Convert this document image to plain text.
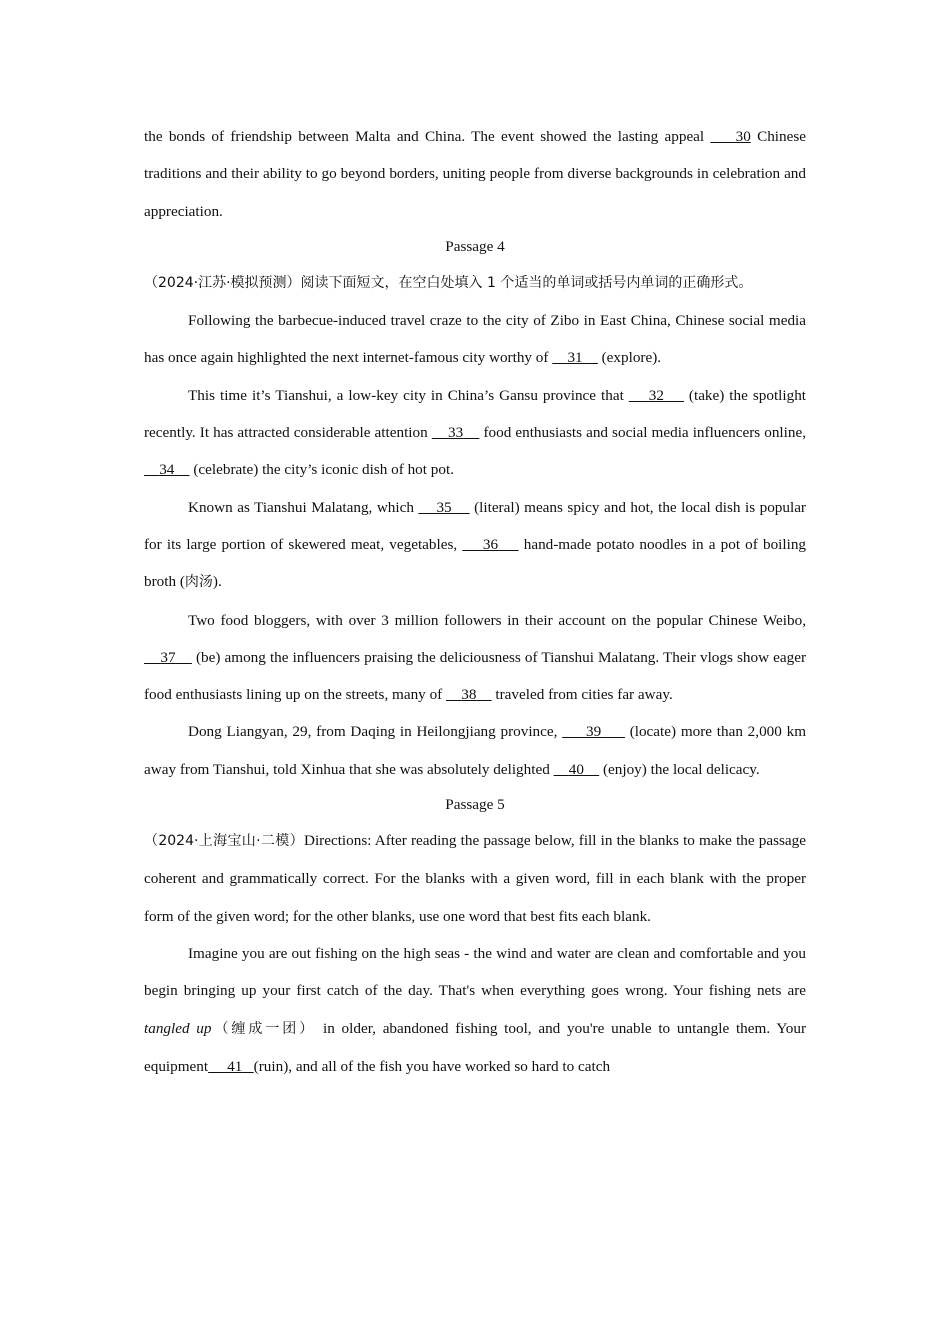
the bonds of friendship between Malta and China. The event showed the lasting appeal     30 Chinese traditions and their ability to go beyond borders, uniting people from diverse backgrounds in celebration and appreciation.

Passage 4

（2024·江苏·模拟预测）阅读下面短文，在空白处填入 1 个适当的单词或括号内单词的正确形式。

Following the barbecue-induced travel craze to the city of Zibo in East China, Chinese social media has once again highlighted the next internet-famous city worthy of     31     (explore).

This time it’s Tianshui, a low-key city in China’s Gansu province that     32     (take) the spotlight recently. It has attracted considerable attention     33     food enthusiasts and social media influencers online,     34     (celebrate) the city’s iconic dish of hot pot.

Known as Tianshui Malatang, which     35     (literal) means spicy and hot, the local dish is popular for its large portion of skewered meat, vegetables,     36     hand-made potato noodles in a pot of boiling broth (肉汤).

Two food bloggers, with over 3 million followers in their account on the popular Chinese Weibo,     37     (be) among the influencers praising the deliciousness of Tianshui Malatang. Their vlogs show eager food enthusiasts lining up on the streets, many of     38     traveled from cities far away.

Dong Liangyan, 29, from Daqing in Heilongjiang province,      39      (locate) more than 2,000 km away from Tianshui, told Xinhua that she was absolutely delighted     40     (enjoy) the local delicacy.

Passage 5

（2024·上海宝山·二模）Directions: After reading the passage below, fill in the blanks to make the passage coherent and grammatically correct. For the blanks with a given word, fill in each blank with the proper form of the given word; for the other blanks, use one word that best fits each blank.

Imagine you are out fishing on the high seas - the wind and water are clean and comfortable and you begin bringing up your first catch of the day. That's when everything goes wrong. Your fishing nets are tangled up（缠成一团） in older, abandoned fishing tool, and you're unable to untangle them. Your equipment 41 (ruin), and all of the fish you have worked so hard to catch
